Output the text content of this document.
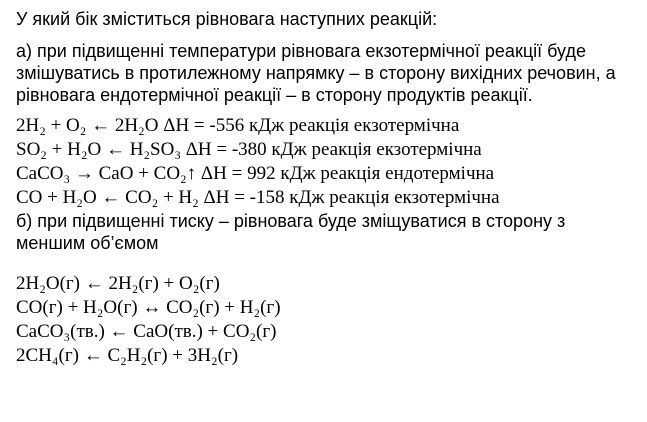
У який бік зміститься рівновага наступних реакцій:
а) при підвищенні температури рівновага екзотермічної реакції буде змішуватись в протилежному напрямку – в сторону вихідних речовин, а рівновага ендотермічної реакції – в сторону продуктів реакції.
2H₂ + O₂ ← 2H₂O ΔH = -556 кДж реакція екзотермічна
SO₂ + H₂O ← H₂SO₃ ΔH = -380 кДж реакція екзотермічна
CaCO₃ → CaO + CO₂↑ ΔH = 992 кДж реакція ендотермічна
CO + H₂O ← CO₂ + H₂ ΔH = -158 кДж реакція екзотермічна
б) при підвищенні тиску – рівновага буде зміщуватися в сторону з меншим об’ємом
2H₂O(г) ← 2H₂(г) + O₂(г)
CO(г) + H₂O(г) ↔ CO₂(г) + H₂(г)
CaCO₃(тв.) ← CaO(тв.) + CO₂(г)
2CH₄(г) ← C₂H₂(г) + 3H₂(г)
